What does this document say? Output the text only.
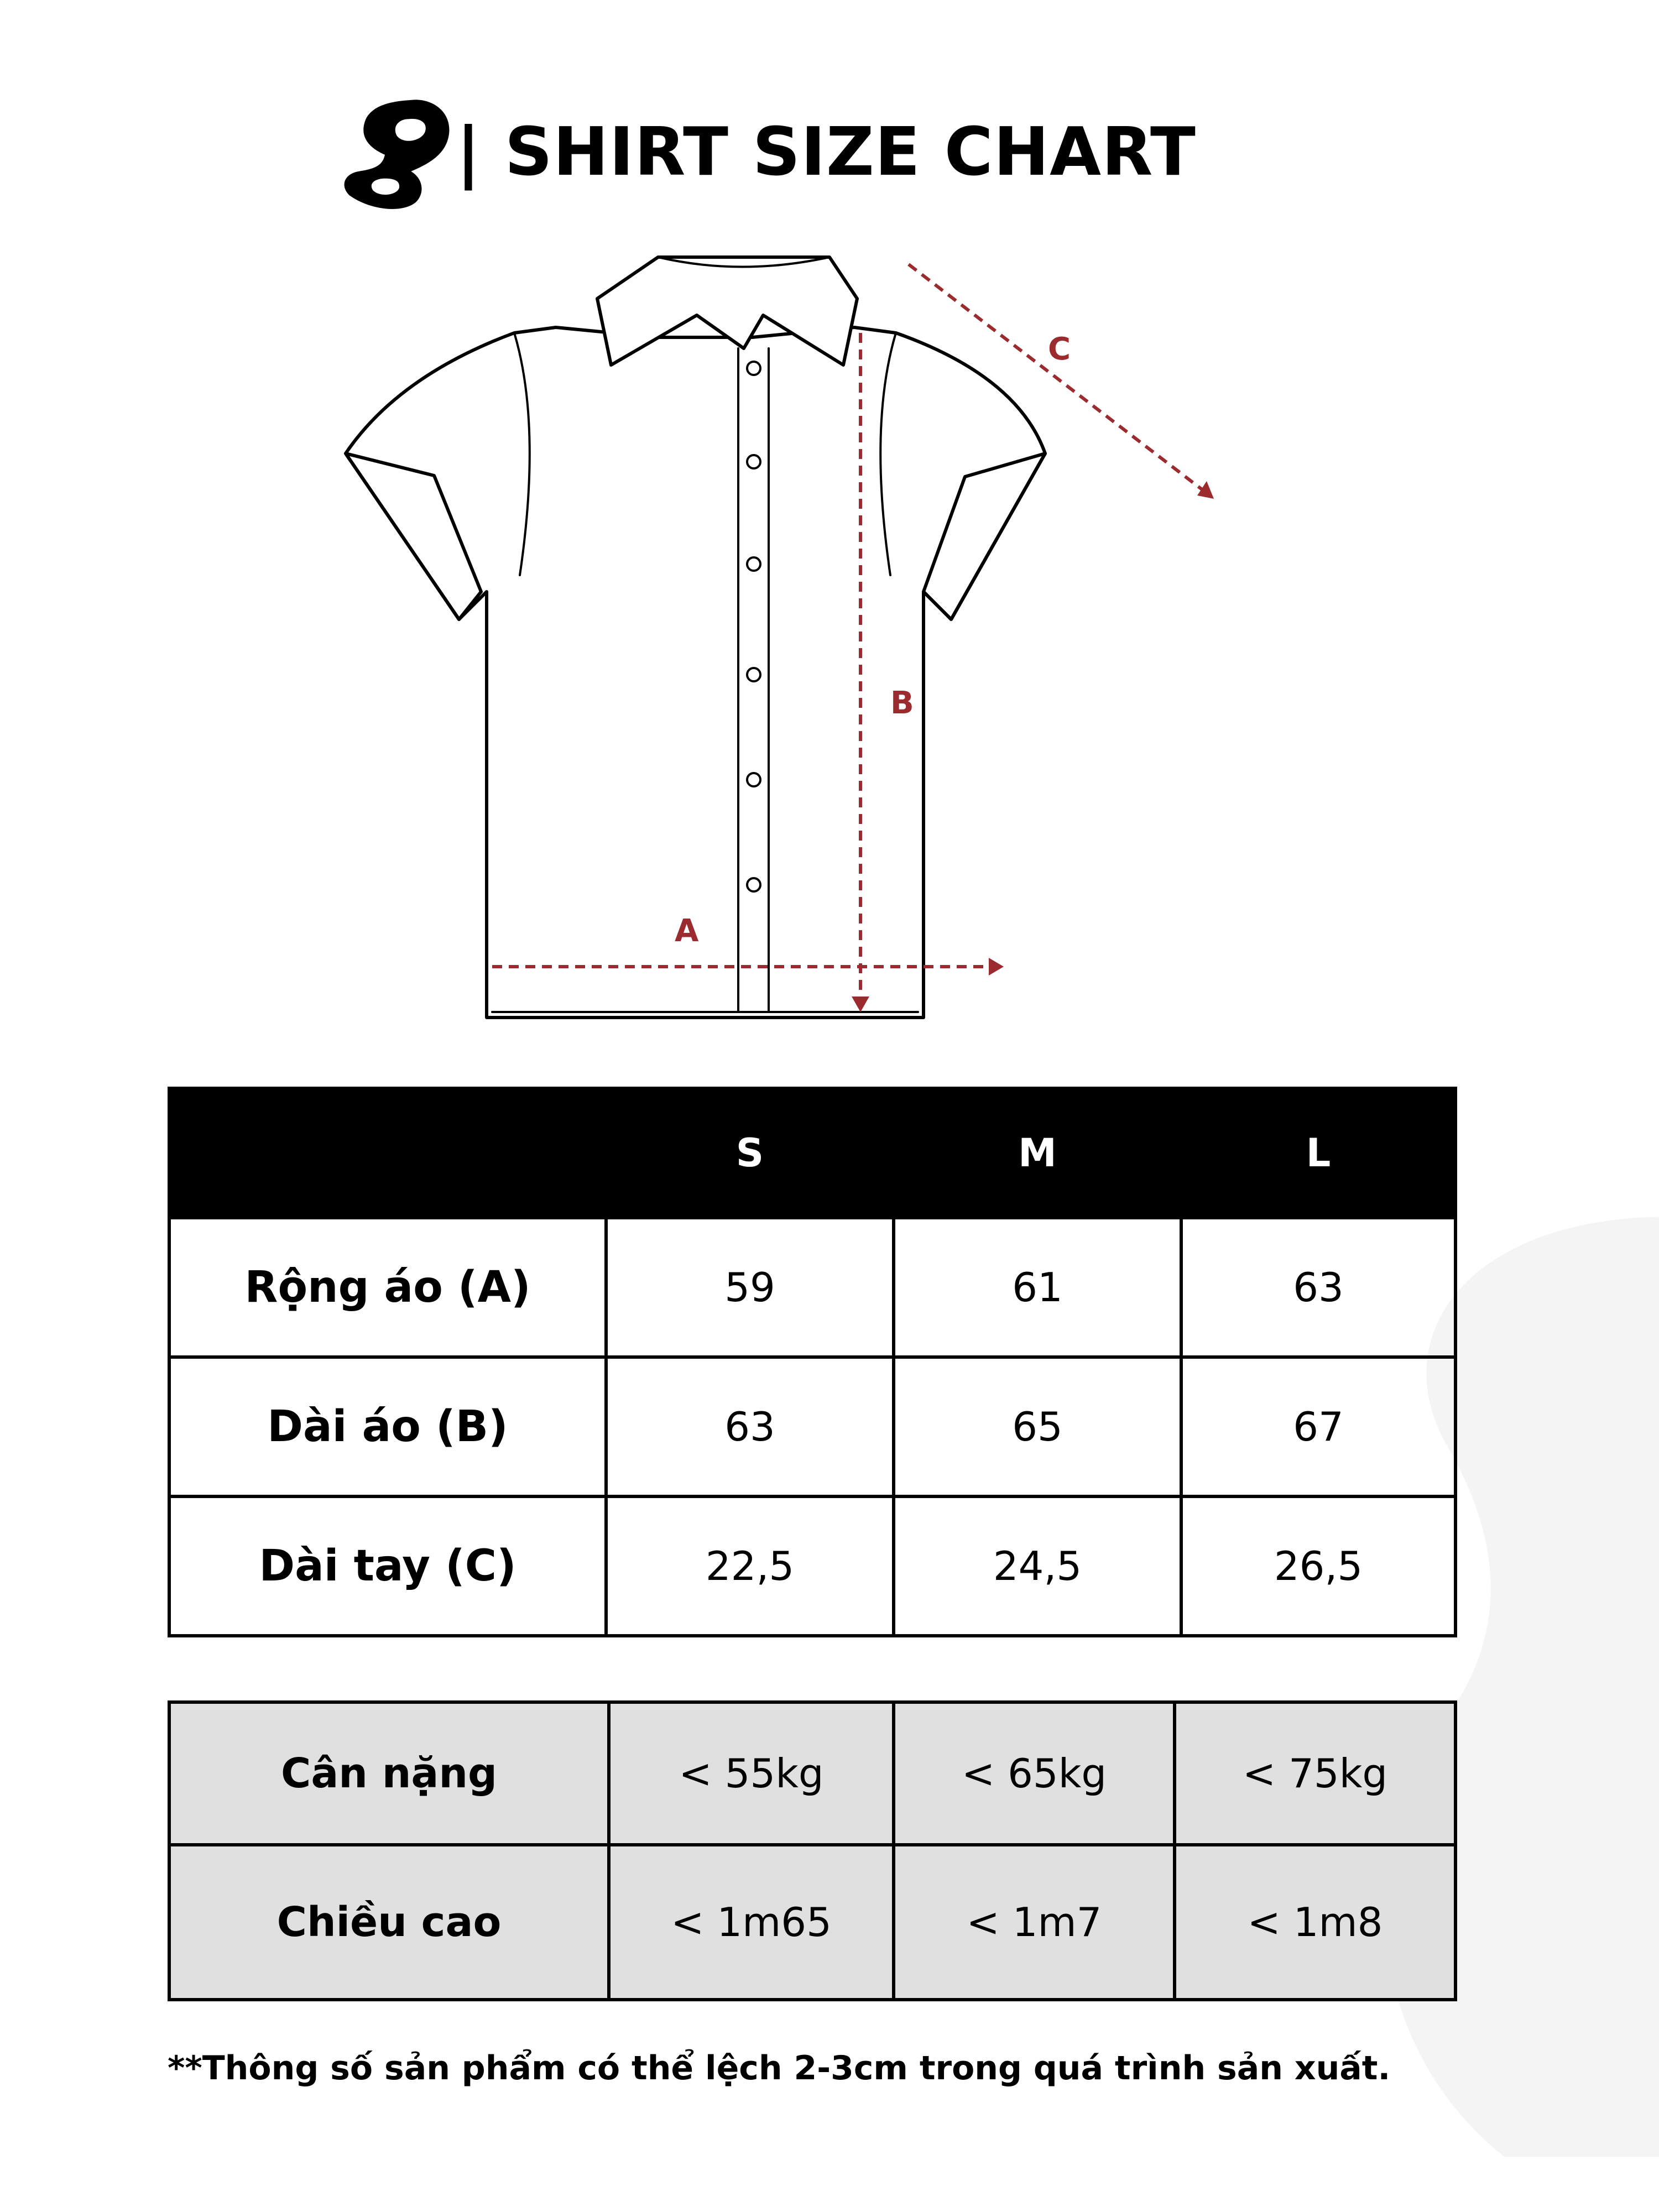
| SHIRT SIZE CHART
A
B
C
	S	M	L
Rộng áo (A)	59	61	63
Dài áo (B)	63	65	67
Dài tay (C)	22,5	24,5	26,5
Cân nặng	< 55kg	< 65kg	< 75kg
Chiều cao	< 1m65	< 1m7	< 1m8
**Thông số sản phẩm có thể lệch 2-3cm trong quá trình sản xuất.
